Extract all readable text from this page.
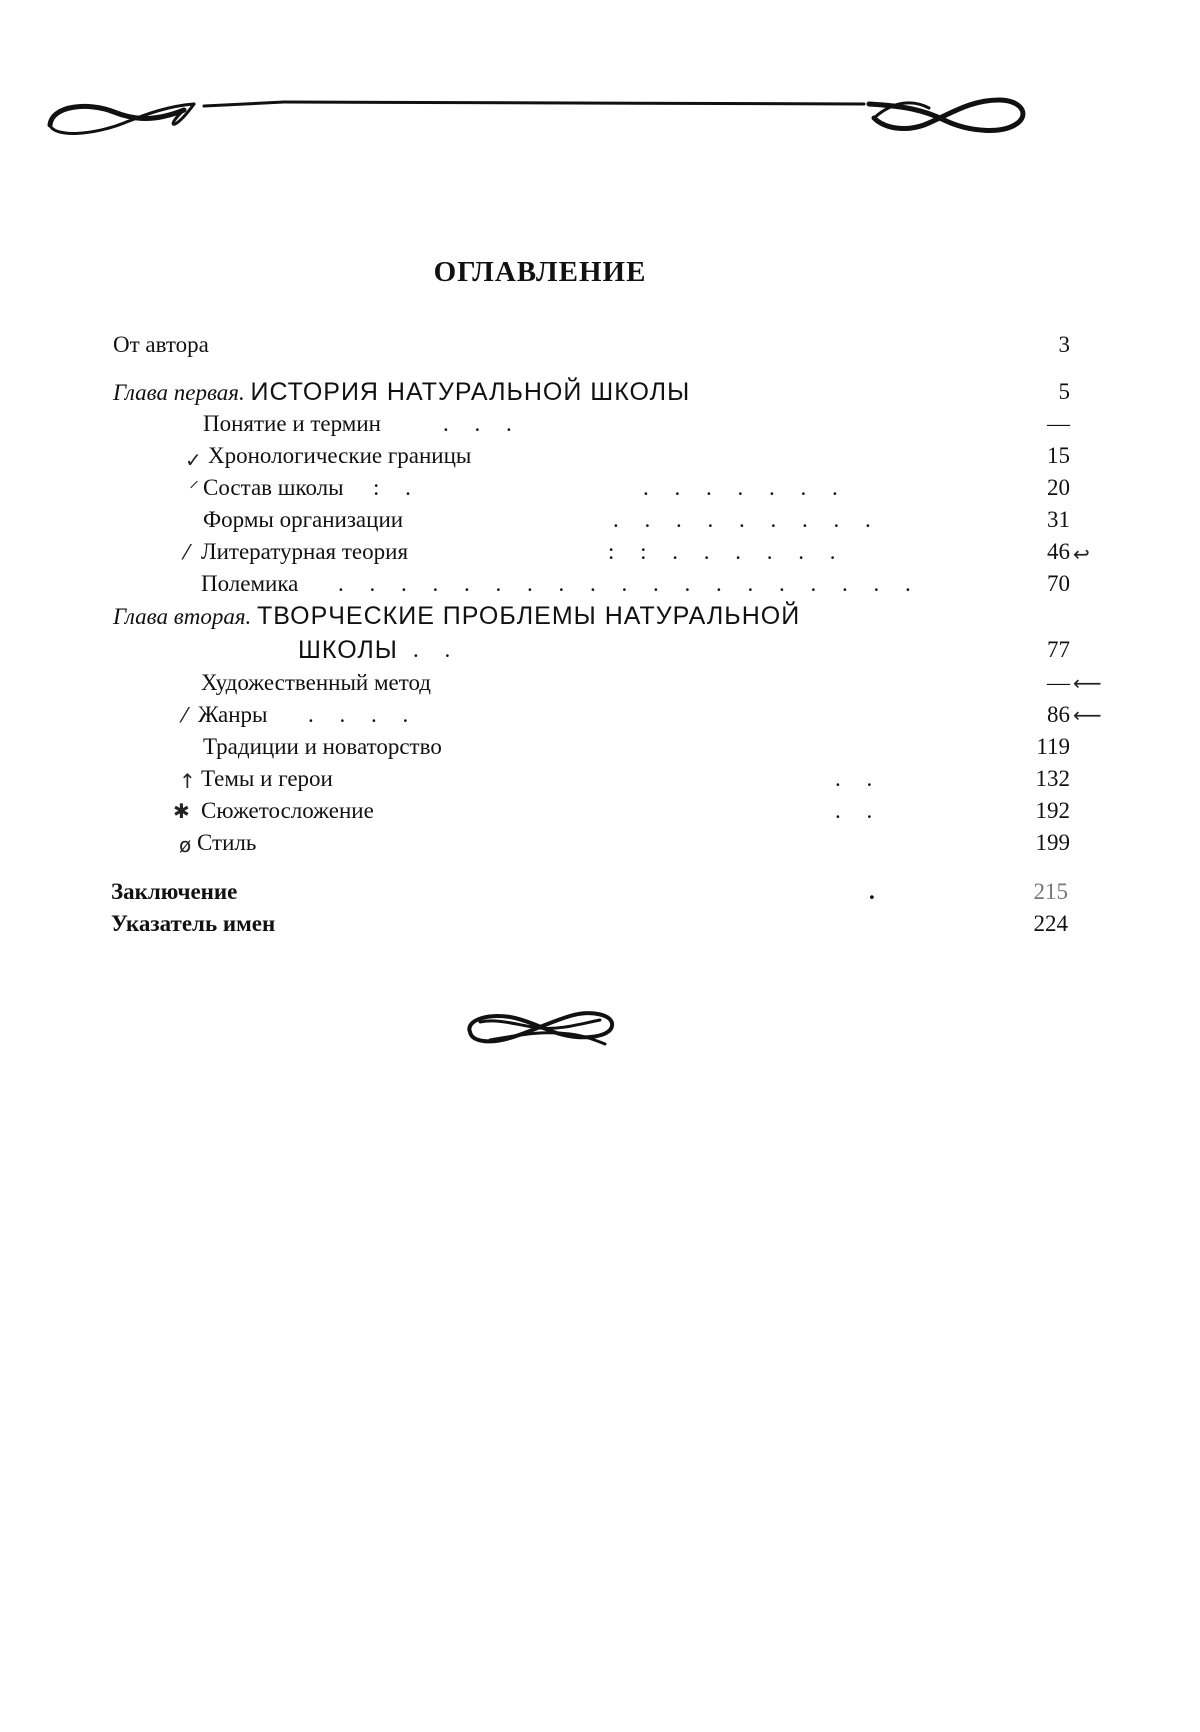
ОГЛАВЛЕНИЕ
От автора	3
Глава первая. ИСТОРИЯ НАТУРАЛЬНОЙ ШКОЛЫ	5
Понятие и термин	. . .	—
✓ Хронологические границы	15
⸍ Состав школы : .	. . . . . . .	20
Формы организации	. . . . . . . . .	31
⁄ Литературная теория	: : . . . . . .	46 ↩
Полемика . . . . . . . . . . . . . . . . . . .	70
Глава вторая. ТВОРЧЕСКИЕ ПРОБЛЕМЫ НАТУРАЛЬНОЙ
ШКОЛЫ . .	77
Художественный метод	— ⟵
⁄ Жанры . . . .	86 ⟵
Традиции и новаторство	119
↑ Темы и герои	. .	132
✱ Сюжетосложение	. .	192
ø Стиль	199
Заключение	.	215
Указатель имен	224
